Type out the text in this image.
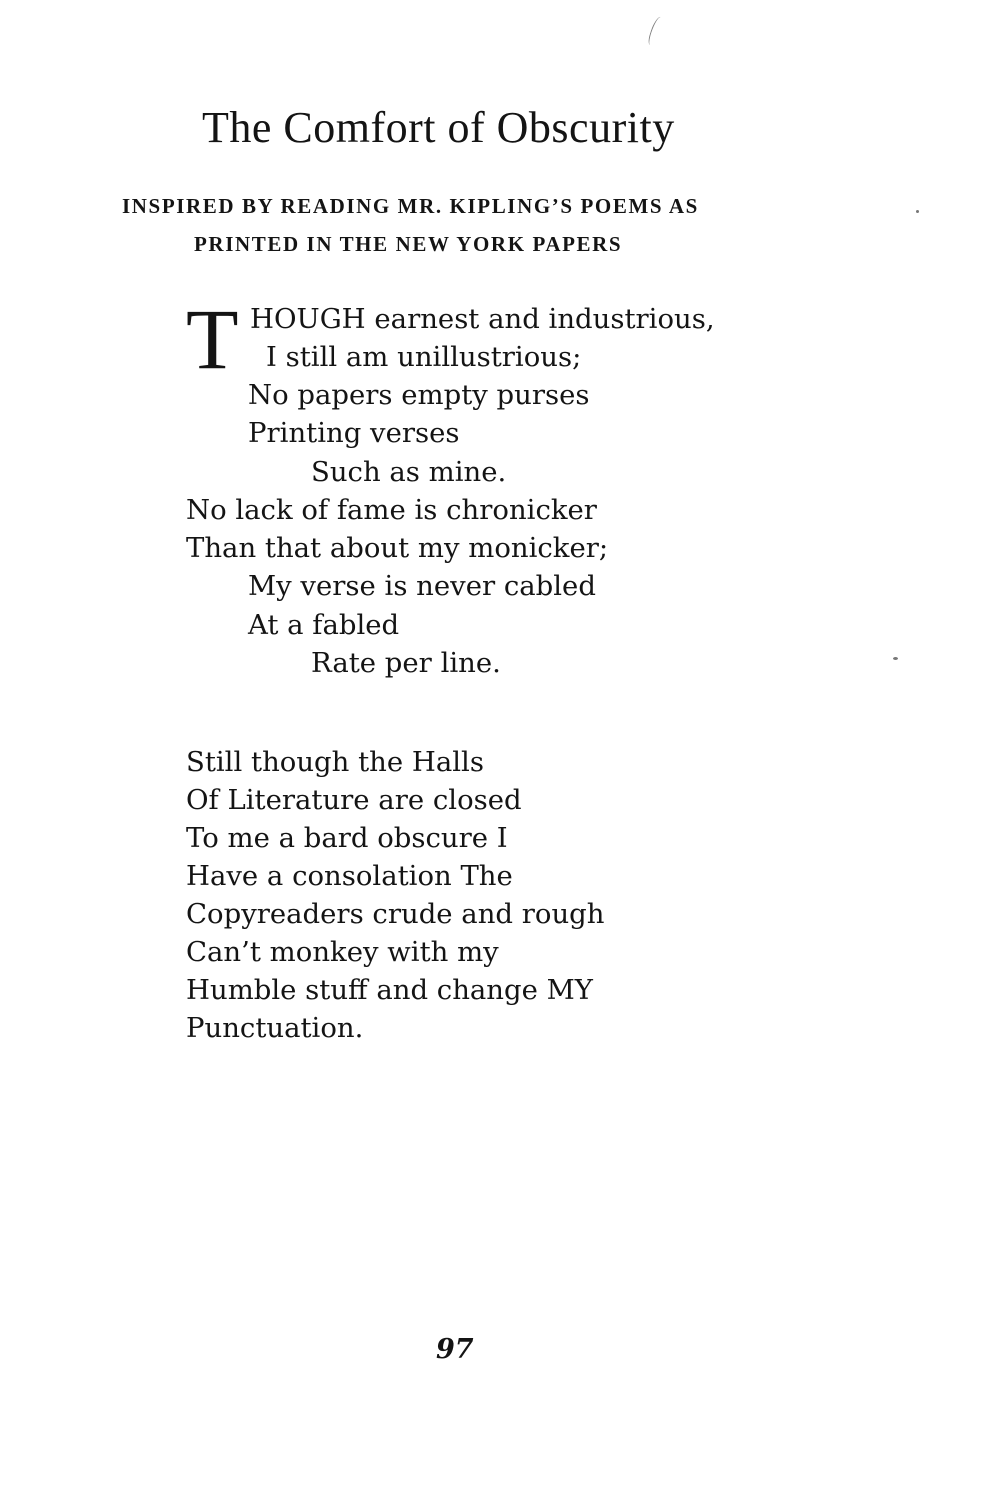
The Comfort of Obscurity
INSPIRED BY READING MR. KIPLING’S POEMS AS
PRINTED IN THE NEW YORK PAPERS
T HOUGH earnest and industrious,
I still am unillustrious;
No papers empty purses
Printing verses
Such as mine.
No lack of fame is chronicker
Than that about my monicker;
My verse is never cabled
At a fabled
Rate per line.
Still though the Halls
Of Literature are closed
To me a bard obscure I
Have a consolation The
Copyreaders crude and rough
Can’t monkey with my
Humble stuff and change MY
Punctuation.
97
